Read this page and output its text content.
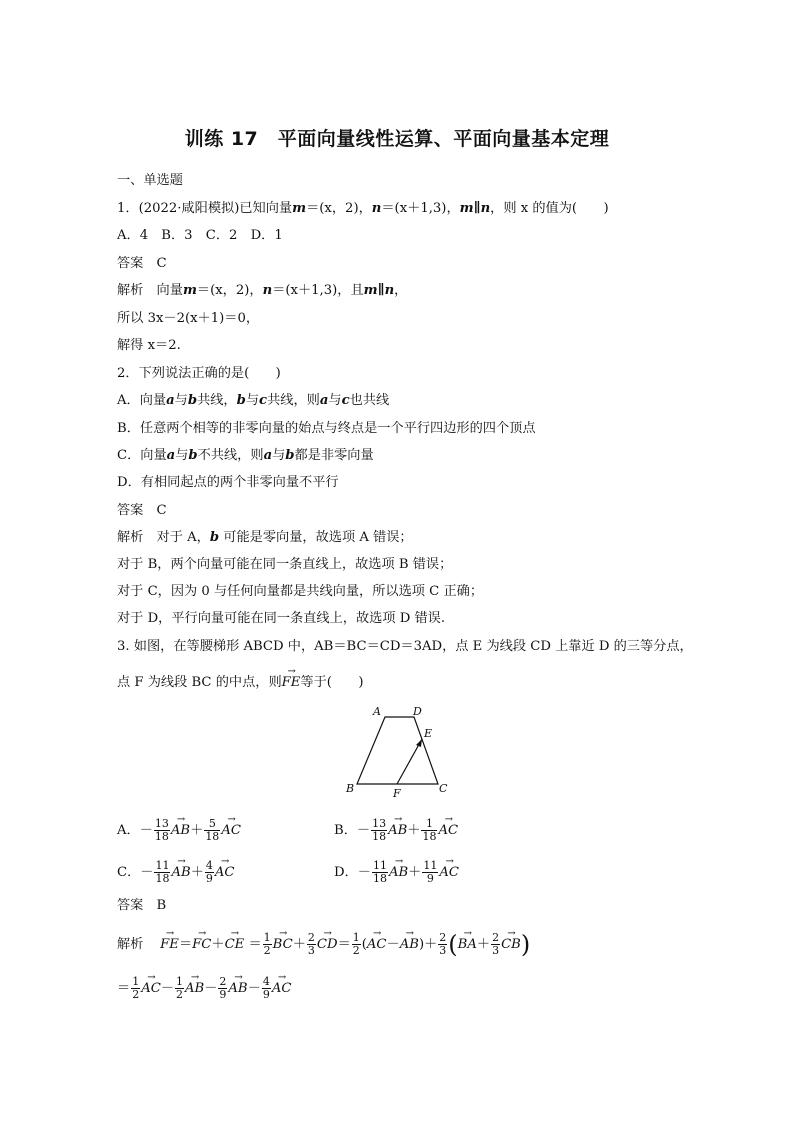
训练 17　平面向量线性运算、平面向量基本定理
一、单选题
1．(2022·咸阳模拟)已知向量m＝(x，2)，n＝(x＋1,3)，m∥n，则 x 的值为(　　)
A．4　B．3　C．2　D．1
答案　C
解析　向量m＝(x，2)，n＝(x＋1,3)，且m∥n，
所以 3x－2(x＋1)＝0，
解得 x＝2.
2．下列说法正确的是(　　)
A．向量a与b共线，b与c共线，则a与c也共线
B．任意两个相等的非零向量的始点与终点是一个平行四边形的四个顶点
C．向量a与b不共线，则a与b都是非零向量
D．有相同起点的两个非零向量不平行
答案　C
解析　对于 A，b 可能是零向量，故选项 A 错误；
对于 B，两个向量可能在同一条直线上，故选项 B 错误；
对于 C，因为 0 与任何向量都是共线向量，所以选项 C 正确；
对于 D，平行向量可能在同一条直线上，故选项 D 错误.
3. 如图，在等腰梯形 ABCD 中，AB＝BC＝CD＝3AD，点 E 为线段 CD 上靠近 D 的三等分点，
点 F 为线段 BC 的中点，则→ FE等于(　　)
A	D
E
B	F	C
A．－ $\frac{13}{18}$
→ $AB+ \frac{5}{18}$
→ AC	B．－ $\frac{13}{18}$
→ $AB+ \frac{1}{18}$
→ AC
C．－ $\frac{11}{18}$
→ $AB+ \frac{4}{9}$
→ AC	D．－ $\frac{11}{18}$
→ $AB+ \frac{11}{9}$
→ AC
答案　B
解析    → FE＝→ FC＋→ CE ＝ $\frac{1}{2}$
→ $BC+ \frac{2}{3}$
→ $CD= \frac{1}{2}$ (→ $AC-\to AB)+ \frac{2}{3}$ (→ $BA+ \frac{2}{3}$
→ CB)
＝ $\frac{1}{2}$
→ $AC- \frac{1}{2}$
→ $AB- \frac{2}{9}$
→ $AB- \frac{4}{9}$
→ AC
